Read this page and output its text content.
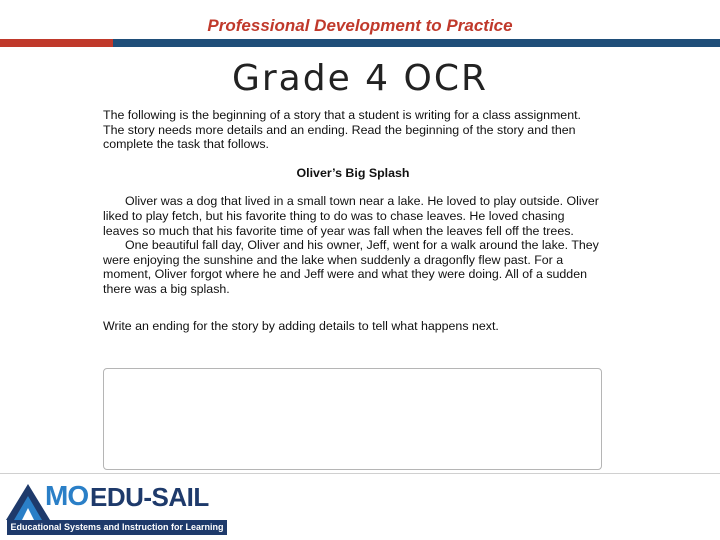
Professional Development to Practice
Grade 4 OCR

The following is the beginning of a story that a student is writing for a class assignment. The story needs more details and an ending. Read the beginning of the story and then complete the task that follows.

Oliver’s Big Splash

Oliver was a dog that lived in a small town near a lake. He loved to play outside. Oliver liked to play fetch, but his favorite thing to do was to chase leaves. He loved chasing leaves so much that his favorite time of year was fall when the leaves fell off the trees.

One beautiful fall day, Oliver and his owner, Jeff, went for a walk around the lake. They were enjoying the sunshine and the lake when suddenly a dragonfly flew past. For a moment, Oliver forgot where he and Jeff were and what they were doing. All of a sudden there was a big splash.

Write an ending for the story by adding details to tell what happens next.

MO EDU-SAIL
Educational Systems and Instruction for Learning
